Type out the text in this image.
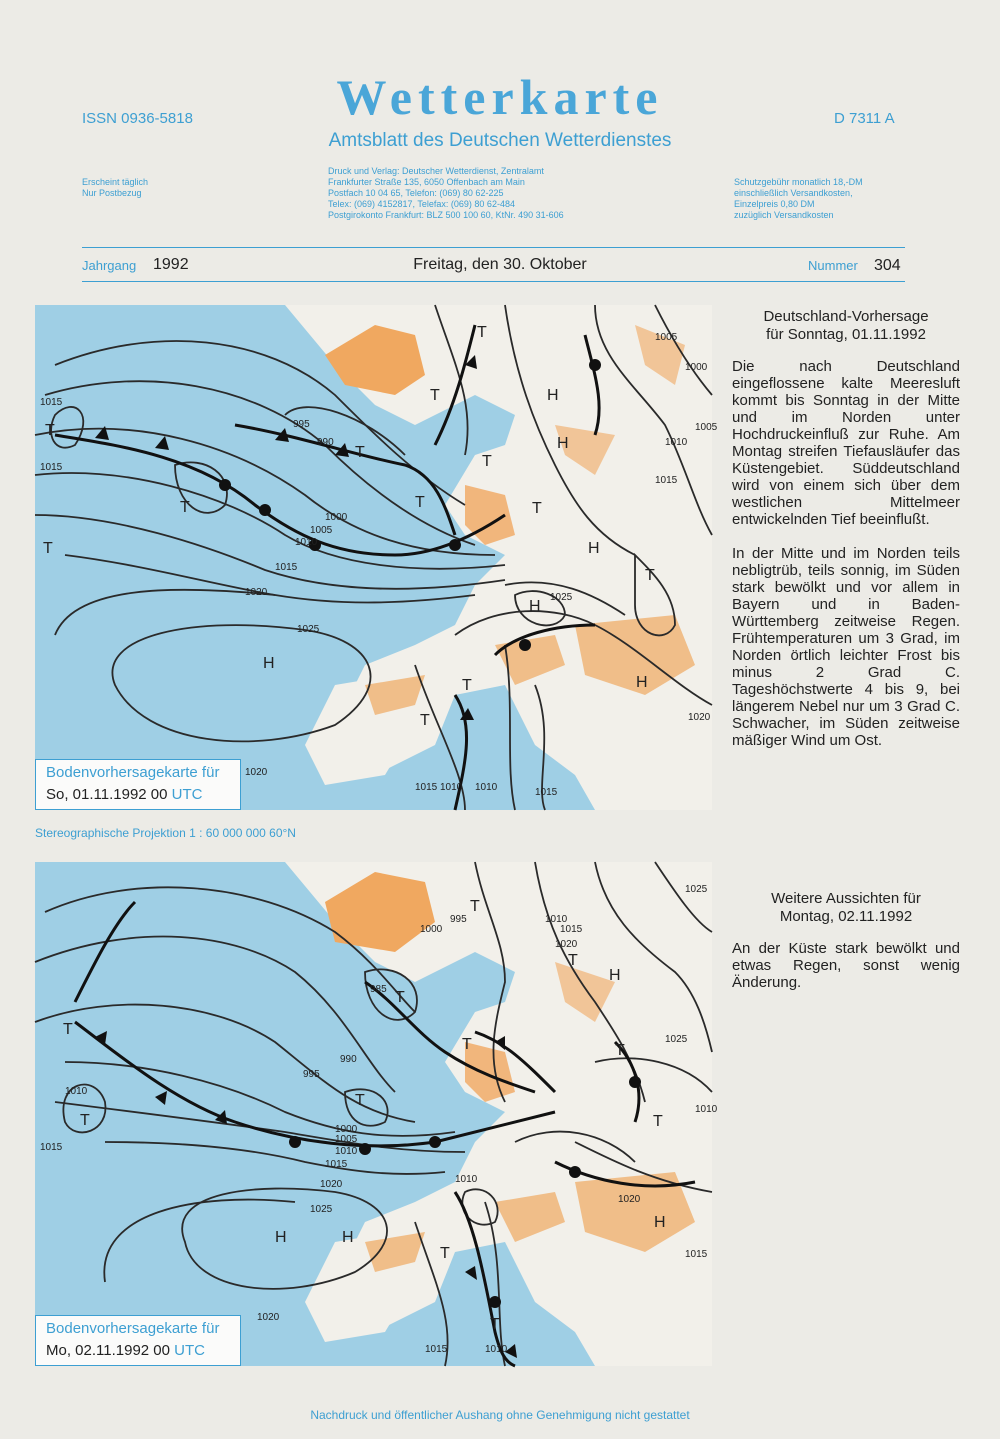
ISSN 0936-5818	Wetterkarte
Amtsblatt des Deutschen Wetterdienstes
D 7311 A
Erscheint täglich
Nur Postbezug
Druck und Verlag: Deutscher Wetterdienst, Zentralamt
Frankfurter Straße 135, 6050 Offenbach am Main
Postfach 10 04 65, Telefon: (069) 80 62-225
Telex: (069) 4152817, Telefax: (069) 80 62-484
Postgirokonto Frankfurt: BLZ 500 100 60, KtNr. 490 31-606
Schutzgebühr monatlich 18,-DM
einschließlich Versandkosten,
Einzelpreis 0,80 DM
zuzüglich Versandkosten
Jahrgang 1992	Freitag, den 30. Oktober	Nummer 304
995
990
1000
1005
1010
1015
1020
1025
1015
1015
1010
1005
1000
1020
1025
1015
1015 1010 1010	1015
1020
1005
T
T
T
T
T
T
T
T	T
T
H
H
H
H
H
H
T
T
Bodenvorhersagekarte für
So, 01.11.1992 00 UTC
Stereographische Projektion 1 : 60 000 000 60°N
1000
995
985
990
995
1000
1005
1010
1015
1020
1025
1020
1015
1010
1010
1015
1020
1025
1010
1015
1020
1025
1010
1015	1010
T
T
T
T
T
T
T
T
T
H
H
H	H
T
T
Bodenvorhersagekarte für
Mo, 02.11.1992 00 UTC
Deutschland-Vorhersage
für Sonntag, 01.11.1992

Die nach Deutschland eingeflossene kalte Meeresluft kommt bis Sonntag in der Mitte und im Norden unter Hochdruckeinfluß zur Ruhe. Am Montag streifen Tiefausläufer das Küstengebiet. Süddeutschland wird von einem sich über dem westlichen Mittelmeer entwickelnden Tief beeinflußt.

In der Mitte und im Norden teils nebligtrüb, teils sonnig, im Süden stark bewölkt und vor allem in Bayern und in Baden-Württemberg zeitweise Regen. Frühtemperaturen um 3 Grad, im Norden örtlich leichter Frost bis minus 2 Grad C. Tageshöchstwerte 4 bis 9, bei längerem Nebel nur um 3 Grad C. Schwacher, im Süden zeitweise mäßiger Wind um Ost.

Weitere Aussichten für
Montag, 02.11.1992

An der Küste stark bewölkt und etwas Regen, sonst wenig Änderung.

Nachdruck und öffentlicher Aushang ohne Genehmigung nicht gestattet
